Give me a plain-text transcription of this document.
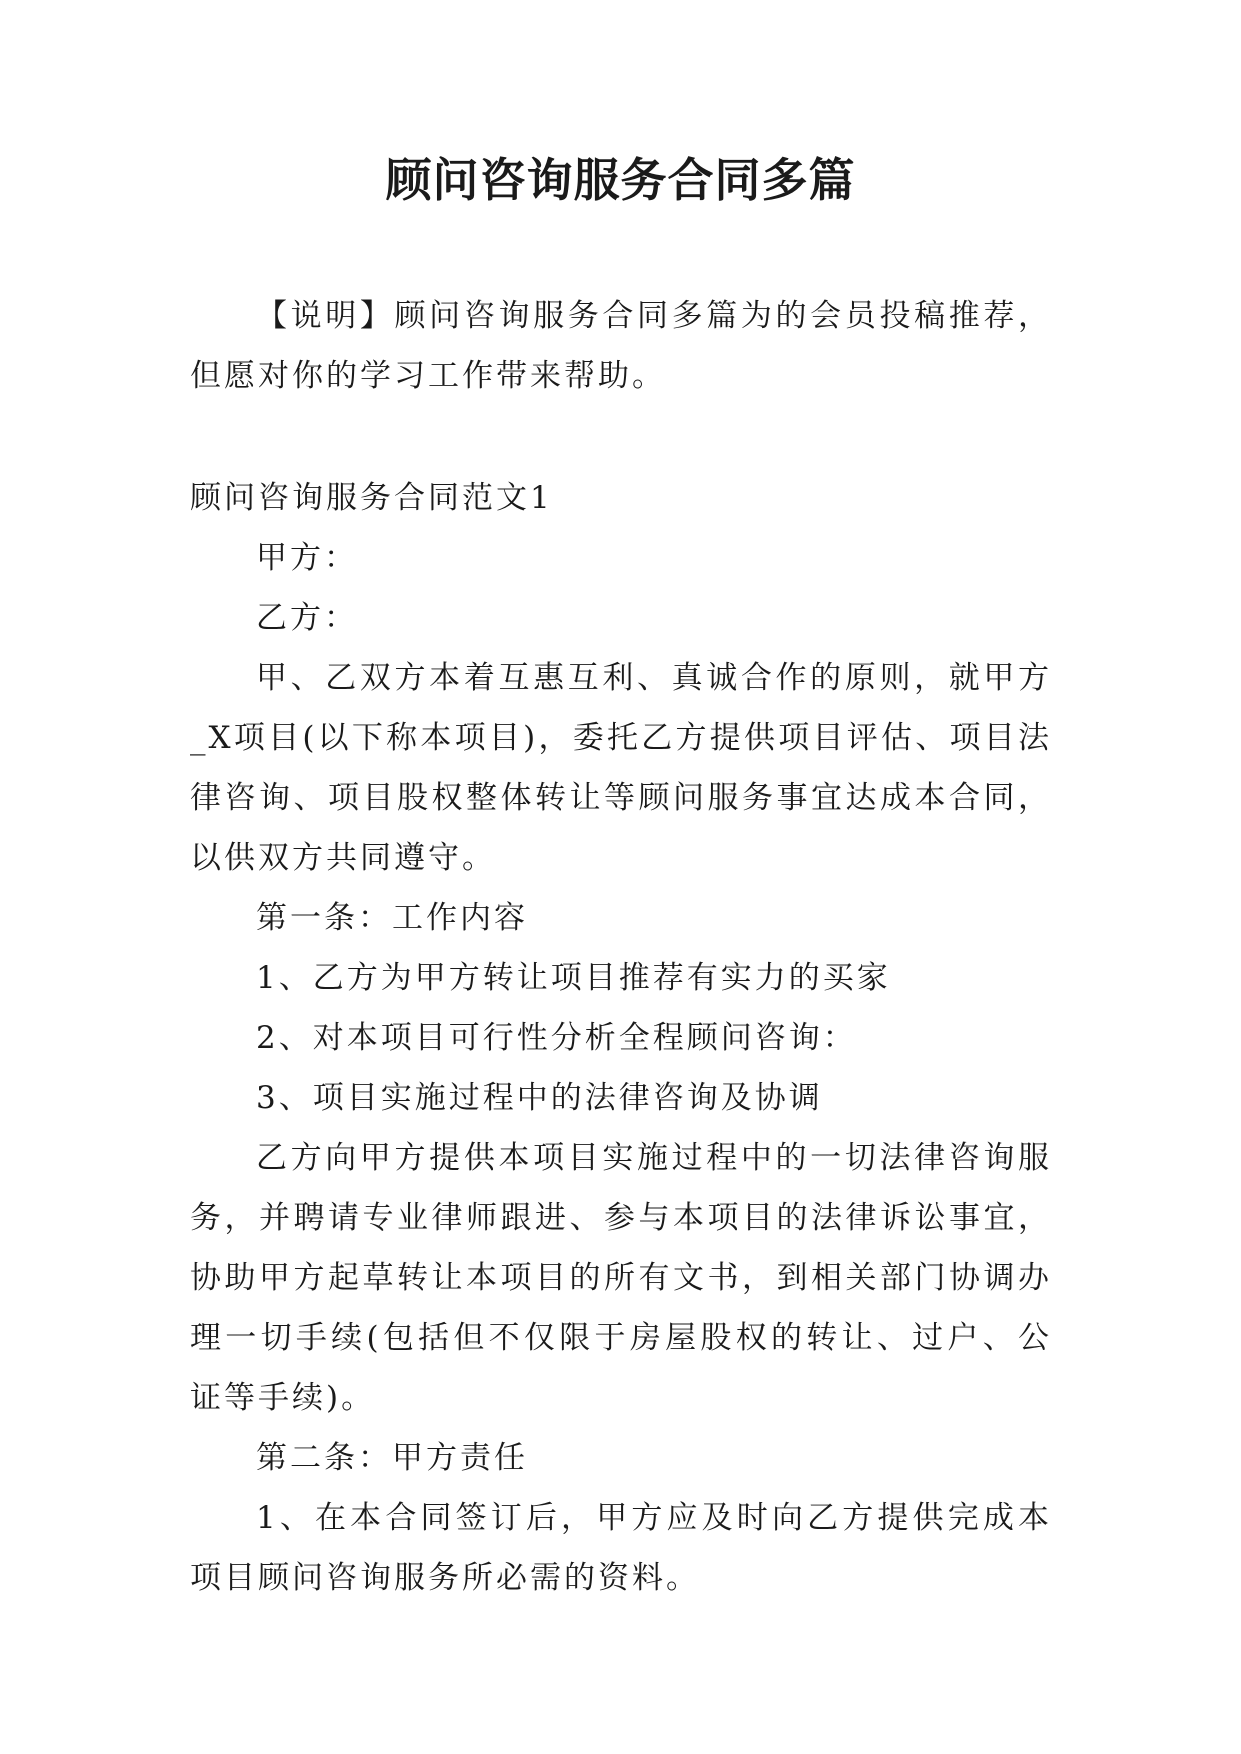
顾问咨询服务合同多篇

【说明】顾问咨询服务合同多篇为的会员投稿推荐，但愿对你的学习工作带来帮助。

顾问咨询服务合同范文1

甲方：

乙方：

甲、乙双方本着互惠互利、真诚合作的原则，就甲方_X项目(以下称本项目)，委托乙方提供项目评估、项目法律咨询、项目股权整体转让等顾问服务事宜达成本合同，以供双方共同遵守。

第一条：工作内容

1、乙方为甲方转让项目推荐有实力的买家

2、对本项目可行性分析全程顾问咨询：

3、项目实施过程中的法律咨询及协调

乙方向甲方提供本项目实施过程中的一切法律咨询服务，并聘请专业律师跟进、参与本项目的法律诉讼事宜，协助甲方起草转让本项目的所有文书，到相关部门协调办理一切手续(包括但不仅限于房屋股权的转让、过户、公证等手续)。

第二条：甲方责任

1、在本合同签订后，甲方应及时向乙方提供完成本项目顾问咨询服务所必需的资料。
